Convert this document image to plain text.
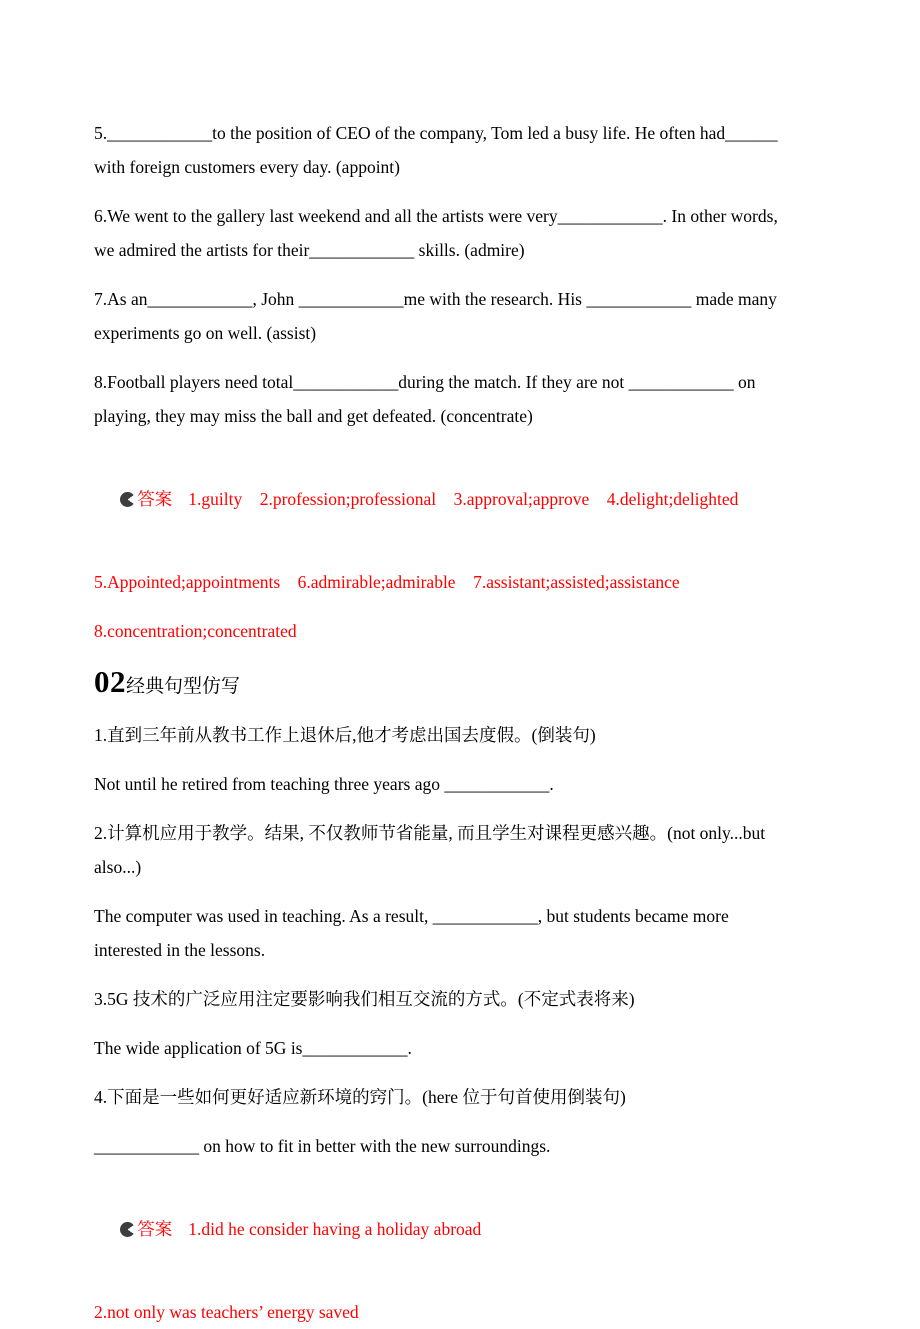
5.____________to the position of CEO of the company, Tom led a busy life. He often had______
with foreign customers every day. (appoint)
6.We went to the gallery last weekend and all the artists were very____________. In other words,
we admired the artists for their____________ skills. (admire)
7.As an____________, John ____________me with the research. His ____________ made many
experiments go on well. (assist)
8.Football players need total____________during the match. If they are not ____________ on
playing, they may miss the ball and get defeated. (concentrate)

答案 1.guilty    2.profession;professional    3.approval;approve    4.delight;delighted

5.Appointed;appointments    6.admirable;admirable    7.assistant;assisted;assistance
8.concentration;concentrated
02经典句型仿写
1.直到三年前从教书工作上退休后,他才考虑出国去度假。(倒装句)
Not until he retired from teaching three years ago ____________.
2.计算机应用于教学。结果, 不仅教师节省能量, 而且学生对课程更感兴趣。(not only...but
also...)
The computer was used in teaching. As a result, ____________, but students became more
interested in the lessons.
3.5G 技术的广泛应用注定要影响我们相互交流的方式。(不定式表将来)
The wide application of 5G is____________.
4.下面是一些如何更好适应新环境的窍门。(here 位于句首使用倒装句)
____________ on how to fit in better with the new surroundings.

答案 1.did he consider having a holiday abroad

2.not only was teachers’ energy saved
